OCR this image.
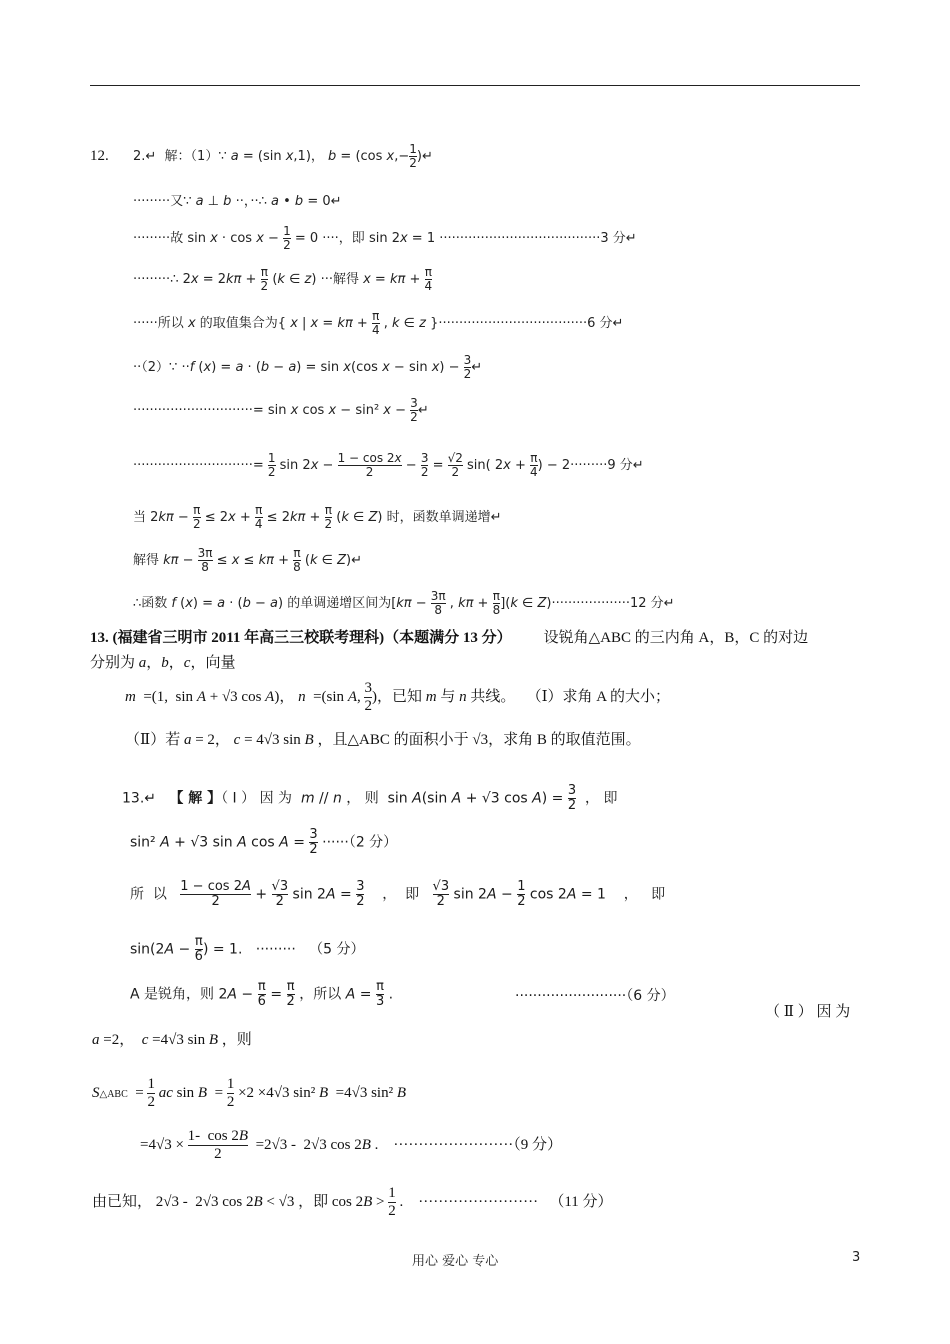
12. 2.↵  解：（1）∵ a = (sin x,1)， b = (cos $x,- \frac{1}{2}$ )↵
·········又∵ a ⊥ b ··，··∴ a • b = 0↵
·········故 $\sin x \cdot \cos x - \frac{1}{2} = 0$ ····，即 sin 2x = 1 ·······································3 分↵
·········∴ $2x = 2k\pi + \frac{\pi}{2} (k$ ∈ z) ···解得 $x = k\pi + \frac{\pi}{4}$
······所以 x 的取值集合为{ x | $x = k\pi + \frac{\pi}{4}$ , k ∈ z }····································6 分↵
··（2）∵ ··f (x) = a · (b − a) = sin x(cos $x - \sin x) - \frac{3}{2}$ ↵
·····························= sin x cos x − sin² $x - \frac{3}{2}$ ↵
·····························= $\frac{1}{2}$ $\sin 2x - \frac{1 - \cos 2x}{2} - \frac{3}{2} = \frac{√2}{2} \sin$( $2x + \frac{\pi}{4}$ ) − 2·········9 分↵
当 $2k\pi - \frac{\pi}{2} \le 2x + \frac{\pi}{4} \le 2k\pi + \frac{\pi}{2} (k$ ∈ Z) 时，函数单调递增↵
解得 $k\pi - \frac{3\pi}{8} \le x \le k\pi + \frac{\pi}{8} (k$ ∈ Z)↵
∴函数 f (x) = a · (b − a) 的单调递增区间为[$k\pi - \frac{3\pi}{8}$ , $k\pi + \frac{\pi}{8} ](k$ ∈ Z)···················12 分↵
13. (福建省三明市 2011 年高三三校联考理科)（本题满分 13 分） 设锐角△ABC 的三内角 A，B，C 的对边
分别为 a，b，c，向量
m  =(1,  sin A + √3 cos A)， n  =(sin A, $\frac{3}{2}$ )，已知 m 与 n 共线。   （Ⅰ）求角 A 的大小；
（Ⅱ）若 a = 2， c = 4√3 sin B ，且△ABC 的面积小于 √3，求角 B 的取值范围。
13.↵   【 解 】（ Ⅰ ） 因 为  m // n ， 则  sin A(sin A + √3 $\cos A) = \frac{3}{2}$ ， 即
sin² A + √3 sin A $\cos A = \frac{3}{2} \cdot\cdot\cdot\cdot\cdot\cdot(2$ 分）
所  以 $\frac{1 - \cos 2A}{2} + \frac{√3}{2}$ $\sin 2A = \frac{3}{2}$ ，  即 $\frac{√3}{2}$ $\sin 2A - \frac{1}{2}$ cos 2A = 1    ，   即
$\sin(2A - \frac{\pi}{6}$ ) = 1.   ·········   （5 分）
A 是锐角，则 $2A - \frac{\pi}{6} = \frac{\pi}{2}$ ，所以 $A = \frac{\pi}{3}$ .	·························（6 分）
（ Ⅱ ） 因 为
a =2，  c =4√3 sin B ，则
S△ABC  = $\frac{1}{2}$ ac $\sin B = \frac{1}{2} \times 2 \times 4√3$ sin² B  =4√3 sin² B
$=4√3 \times \frac{1- \cos 2B}{2} =2√3 - 2√3$ cos 2B .    ························（9 分）
由已知， 2√3 -  2√3 cos 2B < √3 ，即 $\cos 2B > \frac{1}{2}$ .    ························   （11 分）
用心 爱心 专心	3
